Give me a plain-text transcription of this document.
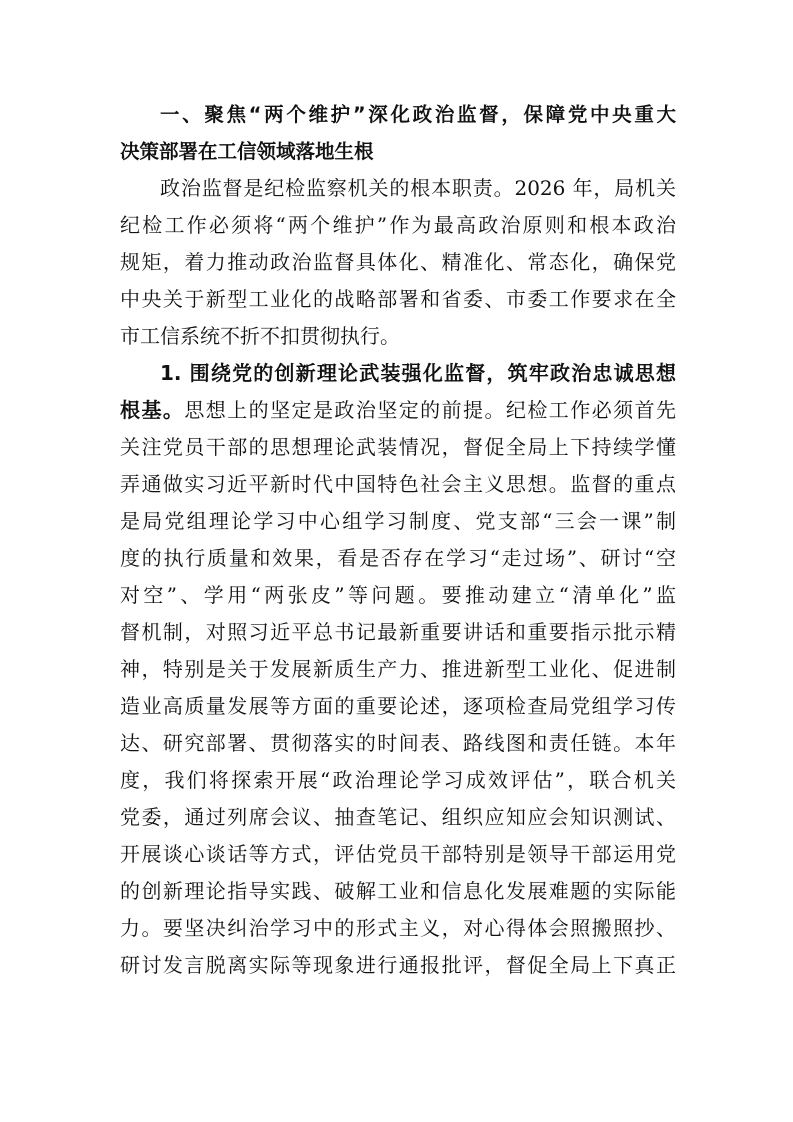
一、聚焦“两个维护”深化政治监督，保障党中央重大
决策部署在工信领域落地生根
政治监督是纪检监察机关的根本职责。2026 年，局机关
纪检工作必须将“两个维护”作为最高政治原则和根本政治
规矩，着力推动政治监督具体化、精准化、常态化，确保党
中央关于新型工业化的战略部署和省委、市委工作要求在全
市工信系统不折不扣贯彻执行。
1. 围绕党的创新理论武装强化监督，筑牢政治忠诚思想
根基。思想上的坚定是政治坚定的前提。纪检工作必须首先
关注党员干部的思想理论武装情况，督促全局上下持续学懂
弄通做实习近平新时代中国特色社会主义思想。监督的重点
是局党组理论学习中心组学习制度、党支部“三会一课”制
度的执行质量和效果，看是否存在学习“走过场”、研讨“空
对空”、学用“两张皮”等问题。要推动建立“清单化”监
督机制，对照习近平总书记最新重要讲话和重要指示批示精
神，特别是关于发展新质生产力、推进新型工业化、促进制
造业高质量发展等方面的重要论述，逐项检查局党组学习传
达、研究部署、贯彻落实的时间表、路线图和责任链。本年
度，我们将探索开展“政治理论学习成效评估”，联合机关
党委，通过列席会议、抽查笔记、组织应知应会知识测试、
开展谈心谈话等方式，评估党员干部特别是领导干部运用党
的创新理论指导实践、破解工业和信息化发展难题的实际能
力。要坚决纠治学习中的形式主义，对心得体会照搬照抄、
研讨发言脱离实际等现象进行通报批评，督促全局上下真正
